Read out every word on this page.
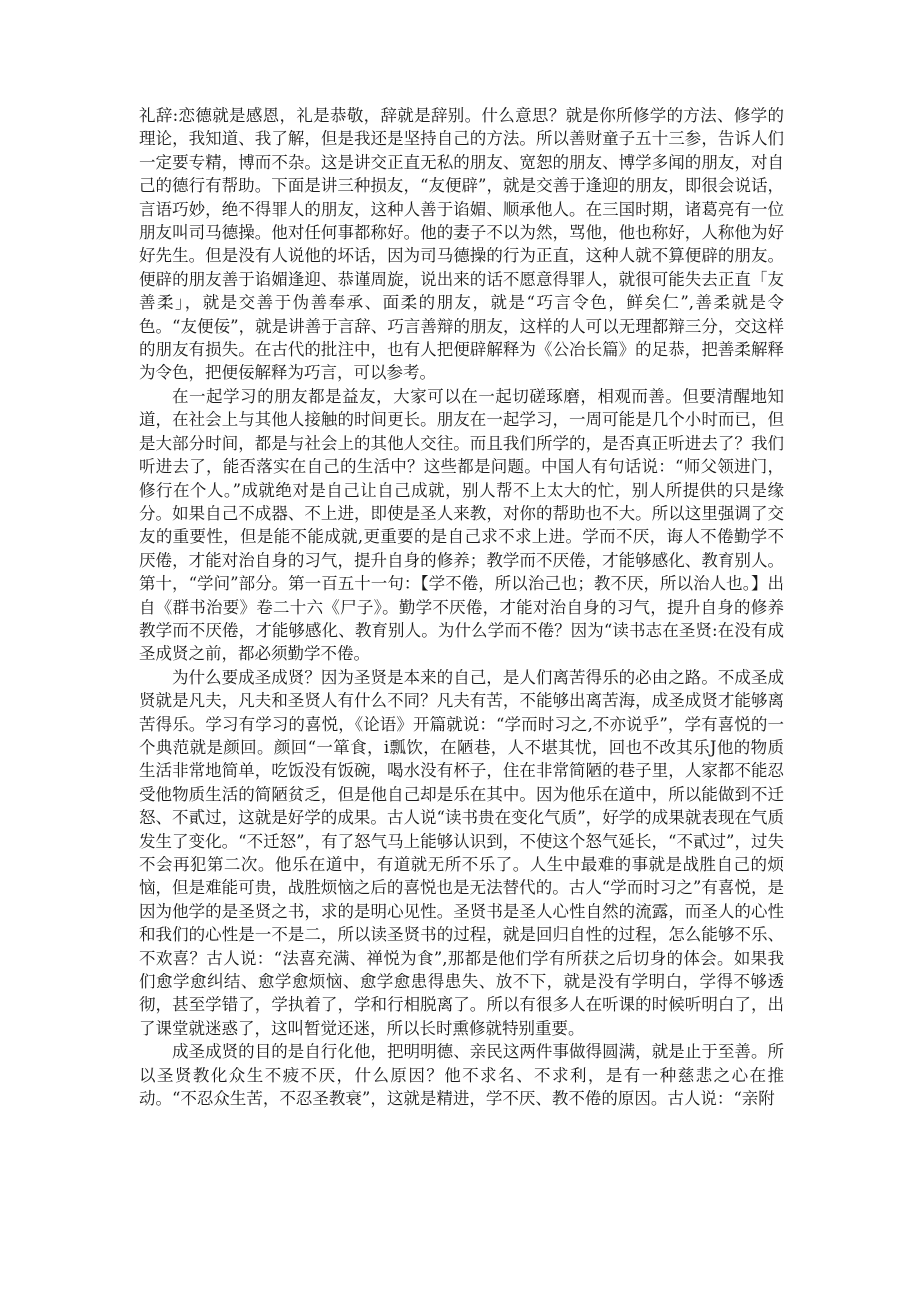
礼辞:恋德就是感恩，礼是恭敬，辞就是辞别。什么意思？就是你所修学的方法、修学的理论，我知道、我了解，但是我还是坚持自己的方法。所以善财童子五十三参，告诉人们一定要专精，博而不杂。这是讲交正直无私的朋友、宽恕的朋友、博学多闻的朋友，对自己的德行有帮助。下面是讲三种损友，“友便辟”，就是交善于逢迎的朋友，即很会说话，言语巧妙，绝不得罪人的朋友，这种人善于谄媚、顺承他人。在三国时期，诸葛亮有一位朋友叫司马德操。他对任何事都称好。他的妻子不以为然，骂他，他也称好，人称他为好好先生。但是没有人说他的坏话，因为司马德操的行为正直，这种人就不算便辟的朋友。便辟的朋友善于谄媚逢迎、恭谨周旋，说出来的话不愿意得罪人，就很可能失去正直「友善柔」，就是交善于伪善奉承、面柔的朋友，就是“巧言令色，鲜矣仁”,善柔就是令色。“友便佞”，就是讲善于言辞、巧言善辩的朋友，这样的人可以无理都辩三分，交这样的朋友有损失。在古代的批注中，也有人把便辟解释为《公冶长篇》的足恭，把善柔解释为令色，把便佞解释为巧言，可以参考。

在一起学习的朋友都是益友，大家可以在一起切磋琢磨，相观而善。但要清醒地知道，在社会上与其他人接触的时间更长。朋友在一起学习，一周可能是几个小时而已，但是大部分时间，都是与社会上的其他人交往。而且我们所学的，是否真正听进去了？我们听进去了，能否落实在自己的生活中？这些都是问题。中国人有句话说：“师父领进门，修行在个人。”成就绝对是自己让自己成就，别人帮不上太大的忙，别人所提供的只是缘分。如果自己不成器、不上进，即使是圣人来教，对你的帮助也不大。所以这里强调了交友的重要性，但是能不能成就,更重要的是自己求不求上进。学而不厌，诲人不倦勤学不厌倦，才能对治自身的习气，提升自身的修养；教学而不厌倦，才能够感化、教育别人。第十，“学问”部分。第一百五十一句：【学不倦，所以治己也；教不厌，所以治人也。】出自《群书治要》卷二十六《尸子》。勤学不厌倦，才能对治自身的习气，提升自身的修养教学而不厌倦，才能够感化、教育别人。为什么学而不倦？因为“读书志在圣贤:在没有成圣成贤之前，都必须勤学不倦。

为什么要成圣成贤？因为圣贤是本来的自己，是人们离苦得乐的必由之路。不成圣成贤就是凡夫，凡夫和圣贤人有什么不同？凡夫有苦，不能够出离苦海，成圣成贤才能够离苦得乐。学习有学习的喜悦，《论语》开篇就说：“学而时习之,不亦说乎”，学有喜悦的一个典范就是颜回。颜回“一箪食，i瓢饮，在陋巷，人不堪其忧，回也不改其乐J他的物质生活非常地简单，吃饭没有饭碗，喝水没有杯子，住在非常简陋的巷子里，人家都不能忍受他物质生活的简陋贫乏，但是他自己却是乐在其中。因为他乐在道中，所以能做到不迁怒、不貳过，这就是好学的成果。古人说“读书贵在变化气质”，好学的成果就表现在气质发生了变化。“不迁怒”，有了怒气马上能够认识到，不使这个怒气延长，“不貳过”，过失不会再犯第二次。他乐在道中，有道就无所不乐了。人生中最难的事就是战胜自己的烦恼，但是难能可贵，战胜烦恼之后的喜悦也是无法替代的。古人“学而时习之”有喜悦，是因为他学的是圣贤之书，求的是明心见性。圣贤书是圣人心性自然的流露，而圣人的心性和我们的心性是一不是二，所以读圣贤书的过程，就是回归自性的过程，怎么能够不乐、不欢喜？古人说：“法喜充满、禅悦为食”,那都是他们学有所获之后切身的体会。如果我们愈学愈纠结、愈学愈烦恼、愈学愈患得患失、放不下，就是没有学明白，学得不够透彻，甚至学错了，学执着了，学和行相脱离了。所以有很多人在听课的时候听明白了，出了课堂就迷惑了，这叫暂觉还迷，所以长时熏修就特别重要。

成圣成贤的目的是自行化他，把明明德、亲民这两件事做得圆满，就是止于至善。所以圣贤教化众生不疲不厌，什么原因？他不求名、不求利，是有一种慈悲之心在推动。“不忍众生苦，不忍圣教衰”，这就是精进，学不厌、教不倦的原因。古人说：“亲附
